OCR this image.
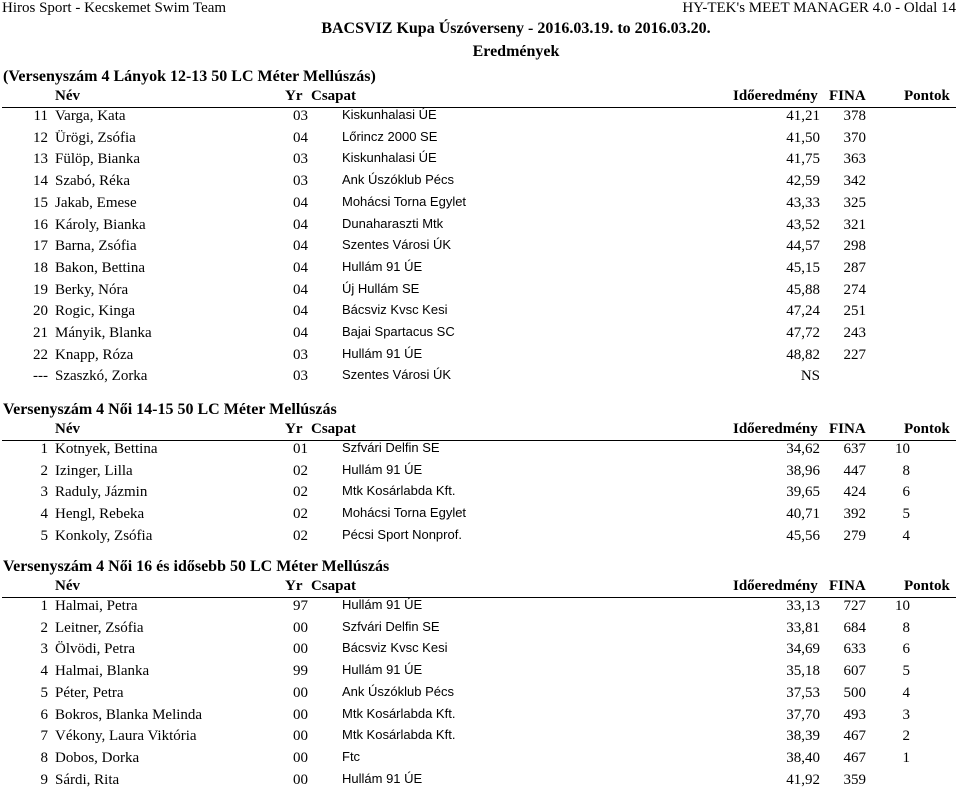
Hiros Sport - Kecskemet Swim Team	HY-TEK's MEET MANAGER 4.0 - Oldal 14
BACSVIZ Kupa Úszóverseny - 2016.03.19. to 2016.03.20.
Eredmények
(Versenyszám 4 Lányok 12-13 50 LC Méter Mellúszás)
Név	Yr Csapat	Időeredmény FINA	Pontok
11 Varga, Kata	03	Kiskunhalasi ÚE	41,21	378
12 Ürögi, Zsófia	04	Lőrincz 2000 SE	41,50	370
13 Fülöp, Bianka	03	Kiskunhalasi ÚE	41,75	363
14 Szabó, Réka	03	Ank Úszóklub Pécs	42,59	342
15 Jakab, Emese	04	Mohácsi Torna Egylet	43,33	325
16 Károly, Bianka	04	Dunaharaszti Mtk	43,52	321
17 Barna, Zsófia	04	Szentes Városi ÚK	44,57	298
18 Bakon, Bettina	04	Hullám 91 ÚE	45,15	287
19 Berky, Nóra	04	Új Hullám SE	45,88	274
20 Rogic, Kinga	04	Bácsviz Kvsc Kesi	47,24	251
21 Mányik, Blanka	04	Bajai Spartacus SC	47,72	243
22 Knapp, Róza	03	Hullám 91 ÚE	48,82	227
--- Szaszkó, Zorka	03	Szentes Városi ÚK	NS
Versenyszám 4 Női 14-15 50 LC Méter Mellúszás
Név	Yr Csapat	Időeredmény FINA	Pontok
1 Kotnyek, Bettina	01	Szfvári Delfin SE	34,62	637	10
2 Izinger, Lilla	02	Hullám 91 ÚE	38,96	447	8
3 Raduly, Jázmin	02	Mtk Kosárlabda Kft.	39,65	424	6
4 Hengl, Rebeka	02	Mohácsi Torna Egylet	40,71	392	5
5 Konkoly, Zsófia	02	Pécsi Sport Nonprof.	45,56	279	4
Versenyszám 4 Női 16 és idősebb 50 LC Méter Mellúszás
Név	Yr Csapat	Időeredmény FINA	Pontok
1 Halmai, Petra	97	Hullám 91 ÚE	33,13	727	10
2 Leitner, Zsófia	00	Szfvári Delfin SE	33,81	684	8
3 Ölvödi, Petra	00	Bácsviz Kvsc Kesi	34,69	633	6
4 Halmai, Blanka	99	Hullám 91 ÚE	35,18	607	5
5 Péter, Petra	00	Ank Úszóklub Pécs	37,53	500	4
6 Bokros, Blanka Melinda	00	Mtk Kosárlabda Kft.	37,70	493	3
7 Vékony, Laura Viktória	00	Mtk Kosárlabda Kft.	38,39	467	2
8 Dobos, Dorka	00	Ftc	38,40	467	1
9 Sárdi, Rita	00	Hullám 91 ÚE	41,92	359
